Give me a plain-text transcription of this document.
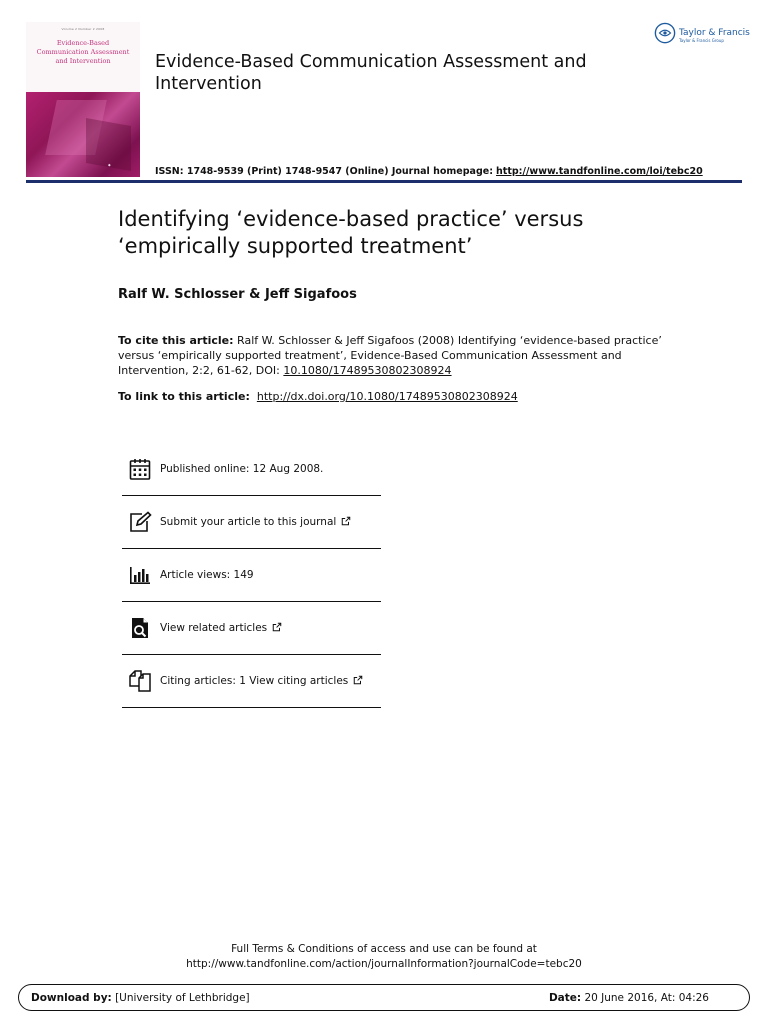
Volume 2 Number 2 2008
Evidence-Based
Communication Assessment
and Intervention
◆
Evidence-Based Communication Assessment and Intervention
ISSN: 1748-9539 (Print) 1748-9547 (Online) Journal homepage: http://www.tandfonline.com/loi/tebc20
Taylor & Francis
Taylor & Francis Group
Identifying ‘evidence-based practice’ versus ‘empirically supported treatment’
Ralf W. Schlosser & Jeff Sigafoos
To cite this article: Ralf W. Schlosser & Jeff Sigafoos (2008) Identifying ‘evidence-based practice’ versus ‘empirically supported treatment’, Evidence-Based Communication Assessment and Intervention, 2:2, 61-62, DOI: 10.1080/17489530802308924
To link to this article: http://dx.doi.org/10.1080/17489530802308924
Published online: 12 Aug 2008.
Submit your article to this journal
Article views: 149
View related articles
Citing articles: 1 View citing articles
Full Terms & Conditions of access and use can be found at
http://www.tandfonline.com/action/journalInformation?journalCode=tebc20
Download by: [University of Lethbridge]	Date: 20 June 2016, At: 04:26
